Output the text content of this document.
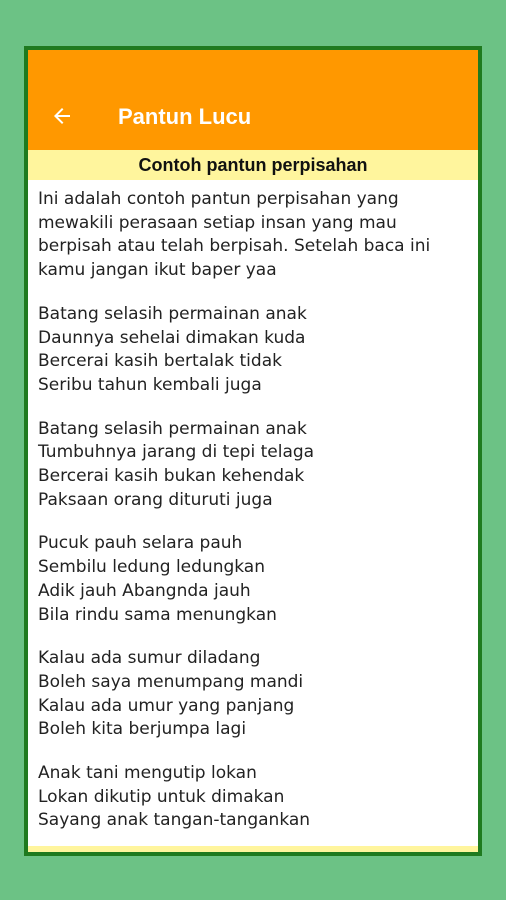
Pantun Lucu
Contoh pantun perpisahan
Ini adalah contoh pantun perpisahan yang
mewakili perasaan setiap insan yang mau
berpisah atau telah berpisah. Setelah baca ini
kamu jangan ikut baper yaa
Batang selasih permainan anak
Daunnya sehelai dimakan kuda
Bercerai kasih bertalak tidak
Seribu tahun kembali juga
Batang selasih permainan anak
Tumbuhnya jarang di tepi telaga
Bercerai kasih bukan kehendak
Paksaan orang dituruti juga
Pucuk pauh selara pauh
Sembilu ledung ledungkan
Adik jauh Abangnda jauh
Bila rindu sama menungkan
Kalau ada sumur diladang
Boleh saya menumpang mandi
Kalau ada umur yang panjang
Boleh kita berjumpa lagi
Anak tani mengutip lokan
Lokan dikutip untuk dimakan
Sayang anak tangan-tangankan
